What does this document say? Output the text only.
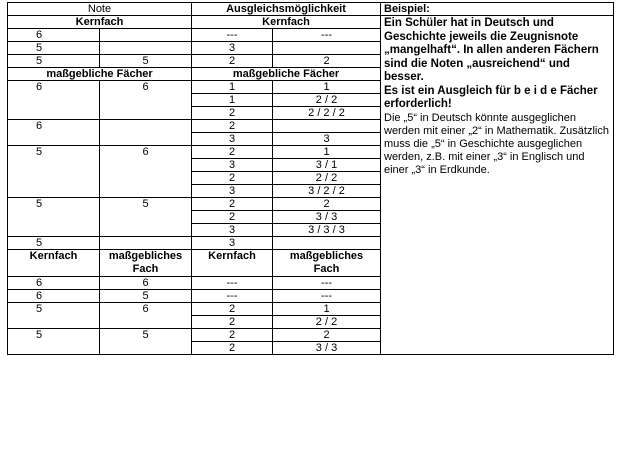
Note		Ausgleichsmöglichkeit		Beispiel:
Kernfach		Kernfach		Ein Schüler hat in Deutsch und Geschichte jeweils die Zeugnisnote „mangelhaft“. In allen anderen Fächern sind die Noten „ausreichend“ und besser.

Es ist ein Ausgleich für b e i d e Fächer erforderlich!

Die „5“ in Deutsch könnte ausgeglichen werden mit einer „2“ in Mathematik. Zusätzlich muss die „5“ in Geschichte ausgeglichen werden, z.B. mit einer „3“ in Englisch und einer „3“ in Erdkunde.

6		---	---	
5		3		
5	5	2	2	
maßgebliche Fächer		maßgebliche Fächer		
6	6	1	1	
		1	2 / 2	
		2	2 / 2 / 2	
6		2		
		3	3	
5	6	2	1	
		3	3 / 1	
		2	2 / 2	
		3	3 / 2 / 2	
5	5	2	2	
		2	3 / 3	
		3	3 / 3 / 3	
5		3		
Kernfach	maßgebliches Fach	Kernfach	maßgebliches Fach	
6	6	---	---	
6	5	---	---	
5	6	2	1	
		2	2 / 2	
5	5	2	2	
		2	3 / 3	
